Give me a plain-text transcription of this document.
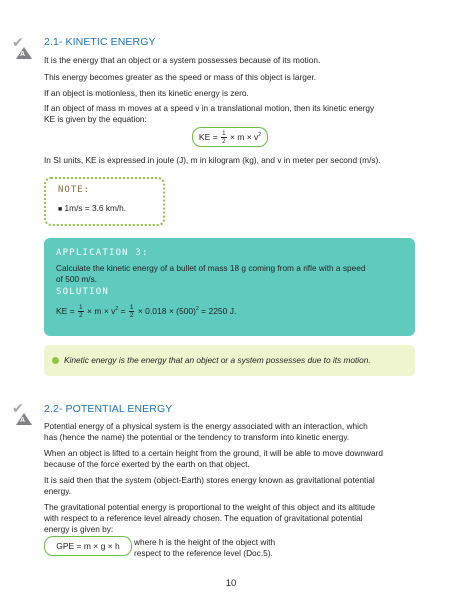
✔
A
2.1- KINETIC ENERGY
It is the energy that an object or a system possesses because of its motion.
This energy becomes greater as the speed or mass of this object is larger.
If an object is motionless, then its kinetic energy is zero.
If an object of mass m moves at a speed v in a translational motion, then its kinetic energy
KE is given by the equation:
KE = $\frac{1}{2} \times m \times v^2$
In SI units, KE is expressed in joule (J), m in kilogram (kg), and v in meter per second (m/s).
NOTE:
■ 1m/s = 3.6 km/h.
APPLICATION 3:
Calculate the kinetic energy of a bullet of mass 18 g coming from a rifle with a speed
of 500 m/s.
SOLUTION
KE = $\frac{1}{2} \times m \times v^2 = \frac{1}{2} \times 0.018 \times (500)^2 = 2250$ J.
Kinetic energy is the energy that an object or a system possesses due to its motion.
✔
A
2.2- POTENTIAL ENERGY
Potential energy of a physical system is the energy associated with an interaction, which
has (hence the name) the potential or the tendency to transform into kinetic energy.
When an object is lifted to a certain height from the ground, it will be able to move downward
because of the force exerted by the earth on that object.
It is said then that the system (object-Earth) stores energy known as gravitational potential
energy.
The gravitational potential energy is proportional to the weight of this object and its altitude
with respect to a reference level already chosen. The equation of gravitational potential
energy is given by:
GPE = m × g × h	where h is the height of the object with
respect to the reference level (Doc.5).
10
